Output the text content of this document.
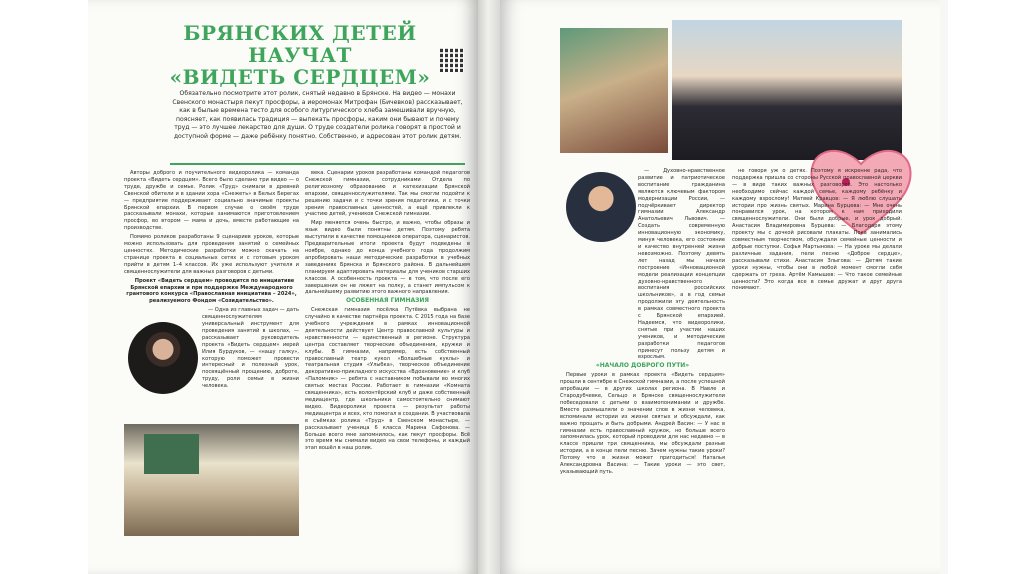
БРЯНСКИХ ДЕТЕЙ НАУЧАТ
«ВИДЕТЬ СЕРДЦЕМ»
Обязательно посмотрите этот ролик, снятый недавно в Брянске. На видео — монахи Свенского монастыря пекут просфоры, а иеромонах Митрофан (Бичевков) рассказывает, как в былые времена тесто для особого литургического хлеба замешивали вручную, поясняет, как появилась традиция — выпекать просфоры, каким они бывают и почему труд — это лучшее лекарство для души. О труде создатели ролика говорят в простой и доступной форме — даже ребёнку понятно. Собственно, и адресован этот ролик детям.

Авторы доброго и поучительного видеоролика — команда проекта «Видеть сердцем». Всего было сделано три видео — о труде, дружбе и семье. Ролик «Труд» снимали в древней Свенской обители и в здании хора «Снежеть» в Белых Берегах — предприятие поддерживает социально значимые проекты Брянской епархии. В первом случае о своём труде рассказывали монахи, которые занимаются приготовлением просфор, во втором — мама и дочь, вместе работающие на производстве.

Помимо роликов разработаны 9 сценариев уроков, которые можно использовать для проведения занятий о семейных ценностях. Методические разработки можно скачать на странице проекта в социальных сетях и с готовым уроком прийти в детям 1–4 классов. Их уже используют учителя и священнослужители для важных разговоров с детьми.

Проект «Видеть сердцем» проводится по инициативе Брянской епархии и при поддержке Международного грантового конкурса «Православная инициатива – 2024», реализуемого Фондом «Созидательство».

— Одна из главных задач — дать священнослужителям универсальный инструмент для проведения занятий в школах, — рассказывает руководитель проекта «Видеть сердцем» иерей Илия Бурдуков, — «нашу галку», которую поможет провести интересный и полезный урок, посвящённый прощению, доброте, труду, роли семьи в жизни человека.

века. Сценарии уроков разработаны командой педагогов Снежской гимназии, сотрудниками Отдела по религиозному образованию и катехизации Брянской епархии, священнослужителями. Так мы смогли подойти к решению задачи и с точки зрения педагогики, и с точки зрения православных ценностей, а ещё привлекли к участию детей, учеников Снежской гимназии.

Мир меняется очень быстро, и важно, чтобы образы и язык видео были понятны детям. Поэтому ребята выступили в качестве помощников оператора, сценаристов. Предварительные итоги проекта будут подведены в ноябре, однако до конца учебного года продолжим апробировать наши методические разработки в учебных заведениях Брянска и Брянского района. В дальнейшем планируем адаптировать материалы для учеников старших классов. А особенность проекта — в том, что после его завершения он не ляжет на полку, а станет импульсом к дальнейшему развитию этого важного направления.

ОСОБЕННАЯ ГИМНАЗИЯ

Снежская гимназия посёлка Путёвка выбрана не случайно в качестве партнёра проекта. С 2015 года на базе учебного учреждения в рамках инновационной деятельности действует Центр православной культуры и нравственности — единственный в регионе. Структура центра составляет творческие объединения, кружки и клубы. В гимназии, например, есть собственный православный театр кукол «Волшебные куклы» и театральная студия «Улыбка», творческое объединение декоративно-прикладного искусства «Вдохновение» и клуб «Паломник» — ребята с наставником побывали во многих святых местах России. Работает в гимназии «Комната священника», есть волонтёрский клуб и даже собственный медиацентр, где школьники самостоятельно снимают видео. Видеоролики проекта — результат работы медиацентра и всех, кто помогал в создании. В участвовала в съёмках ролика «Труд» в Свенском монастыре, — рассказывает ученица 6 класса Марина Сафонова. — Больше всего мне запомнилось, как пекут просфоры. Всё это время мы снимали видео на свои телефоны, и каждый этап вошёл в наш ролик.

— Духовно-нравственное развитие и патриотическое воспитание гражданина являются ключевым фактором модернизации России, — подчёркивает директор гимназии Александр Анатольевич Львович. — Создать современную инновационную экономику, минуя человека, его состояние и качество внутренней жизни невозможно. Поэтому девять лет назад мы начали построение «Инновационной модели реализации концепции духовно-нравственного воспитания российских школьников», а в год семьи продолжили эту деятельность в рамках совместного проекта с Брянской епархией. Надеемся, что видеоролики, снятые при участии наших учеников, и методические разработки педагогов принесут пользу детям и взрослым.

«НАЧАЛО ДОБРОГО ПУТИ»

Первые уроки в рамках проекта «Видеть сердцем» прошли в сентябре в Снежской гимназии, а после успешной апробации — в других школах региона. В Навле и Стародубчевке, Сельцо и Брянске священнослужители побеседовали с детьми о взаимопонимании и дружбе. Вместе размышляли о значении слов в жизни человека, вспоминали истории из жизни святых и обсуждали, как важно прощать и быть добрыми. Андрей Васин: — У нас в гимназии есть православный кружок, но больше всего запомнилась урок, который проводили для нас недавно — в классе пришли три священника, мы обсуждали разные истории, а в конце пели песню. Зачем нужны такие уроки? Потому что в жизни может пригодиться! Наталья Александровна Васина: — Такие уроки — это свет, указывающий путь.

не говоря уж о детях. Поэтому я искренне рада, что поддержка пришла со стороны Русской православной церкви — в виде таких важных разговоров. Это настолько необходимо сейчас каждой семье, каждому ребёнку и каждому взрослому! Матвей Кравцов: — Я люблю слушать истории про жизнь святых. Марина Бурцева: — Мне очень понравился урок, на котором к нам приходили священнослужители. Они были добрые, и урок добрый. Анастасия Владимировна Бурцева: — Благодаря этому проекту мы с дочкой рисовали плакаты. Пока занимались совместным творчеством, обсуждали семейные ценности и добрые поступки. Софья Мартынова: — На уроке мы делали различные задания, пели песню «Доброе сердце», рассказывали стихи. Анастасия Злыгова: — Детям такие уроки нужны, чтобы они в любой момент смогли себя сдержать от греха. Артём Камышев: — Что такое семейные ценности? Это когда все в семье дружат и друг друга понимают.
